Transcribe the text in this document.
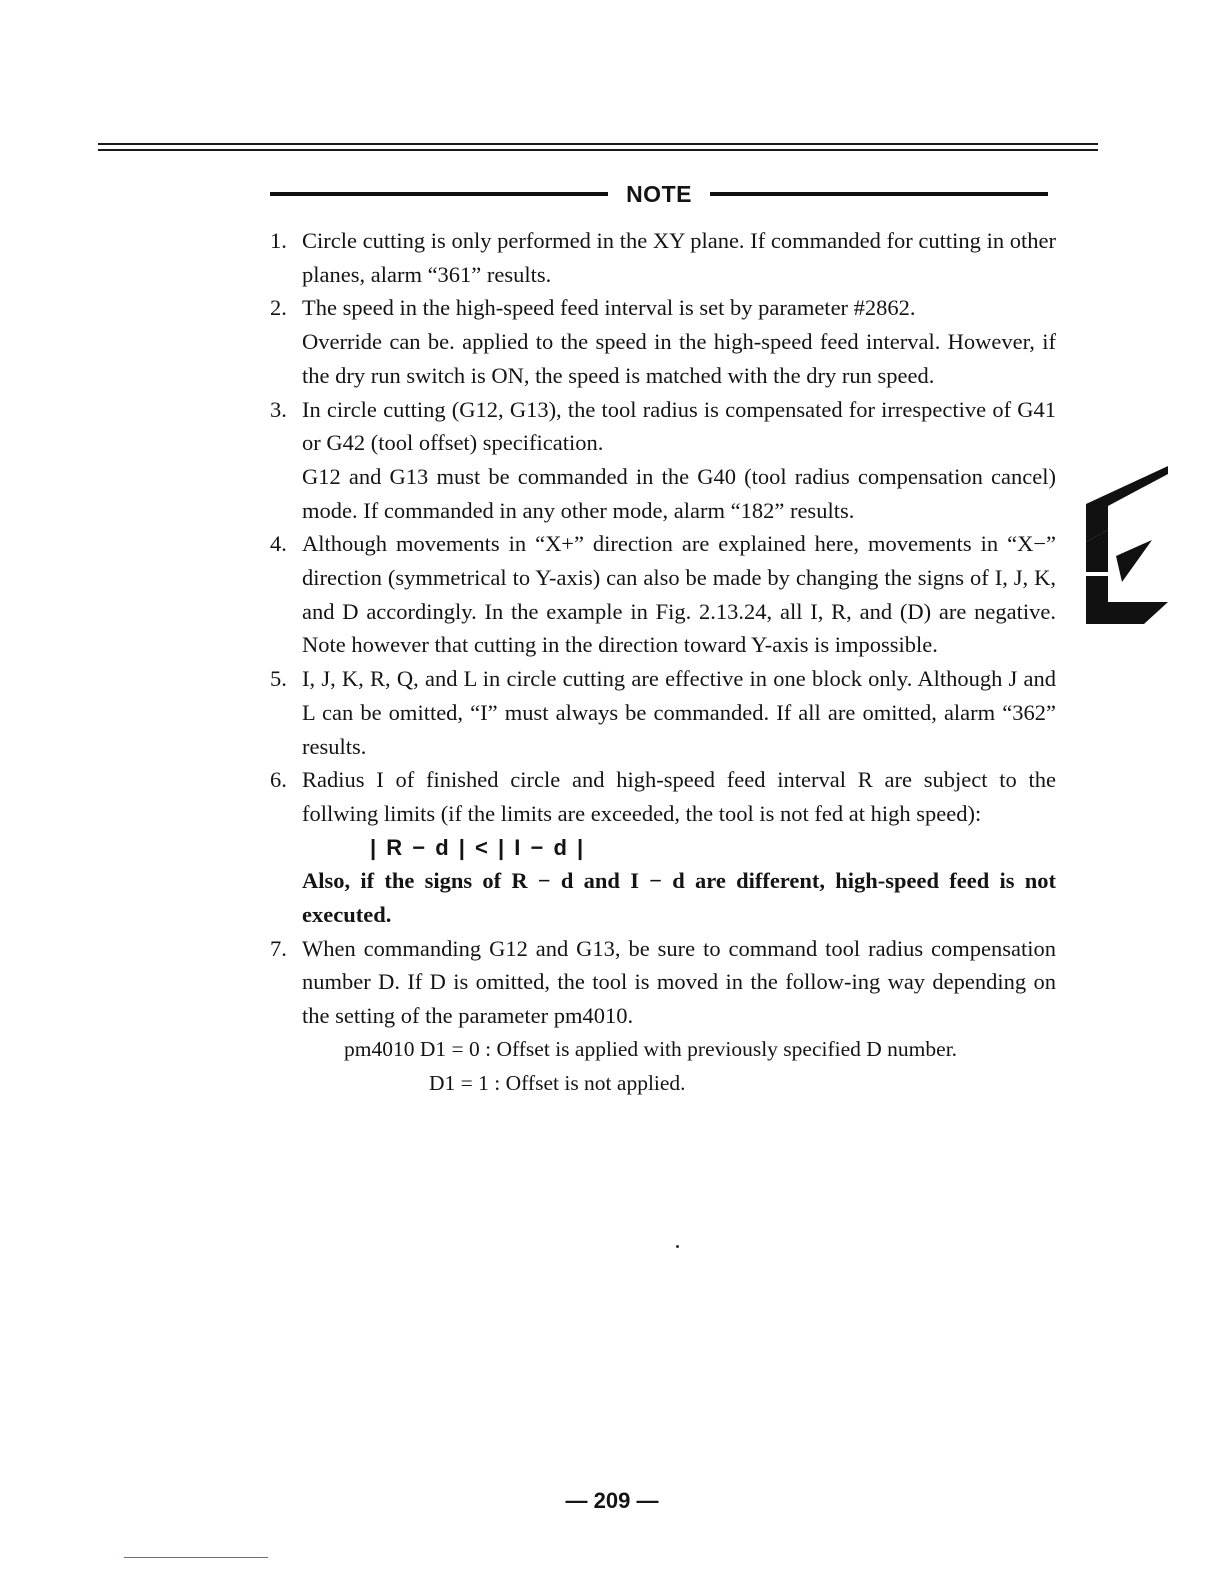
NOTE
1. Circle cutting is only performed in the XY plane. If commanded for cutting in other planes, alarm “361” results.
2. The speed in the high-speed feed interval is set by parameter #2862.
Override can be. applied to the speed in the high-speed feed interval. However, if the dry run switch is ON, the speed is matched with the dry run speed.
3. In circle cutting (G12, G13), the tool radius is compensated for irrespective of G41 or G42 (tool offset) specification.
G12 and G13 must be commanded in the G40 (tool radius compensation cancel) mode. If commanded in any other mode, alarm “182” results.
4. Although movements in “X+” direction are explained here, movements in “X−” direction (symmetrical to Y-axis) can also be made by changing the signs of I, J, K, and D accordingly. In the example in Fig. 2.13.24, all I, R, and (D) are negative. Note however that cutting in the direction toward Y-axis is impossible.
5. I, J, K, R, Q, and L in circle cutting are effective in one block only. Although J and L can be omitted, “I” must always be commanded. If all are omitted, alarm “362” results.
6. Radius I of finished circle and high-speed feed interval R are subject to the follwing limits (if the limits are exceeded, the tool is not fed at high speed):
| R − d | < | I − d |
Also, if the signs of R − d and I − d are different, high-speed feed is not executed.
7. When commanding G12 and G13, be sure to command tool radius compensation number D. If D is omitted, the tool is moved in the follow-ing way depending on the setting of the parameter pm4010.
pm4010 D1 = 0 : Offset is applied with previously specified D number.
D1 = 1 : Offset is not applied.
— 209 —
